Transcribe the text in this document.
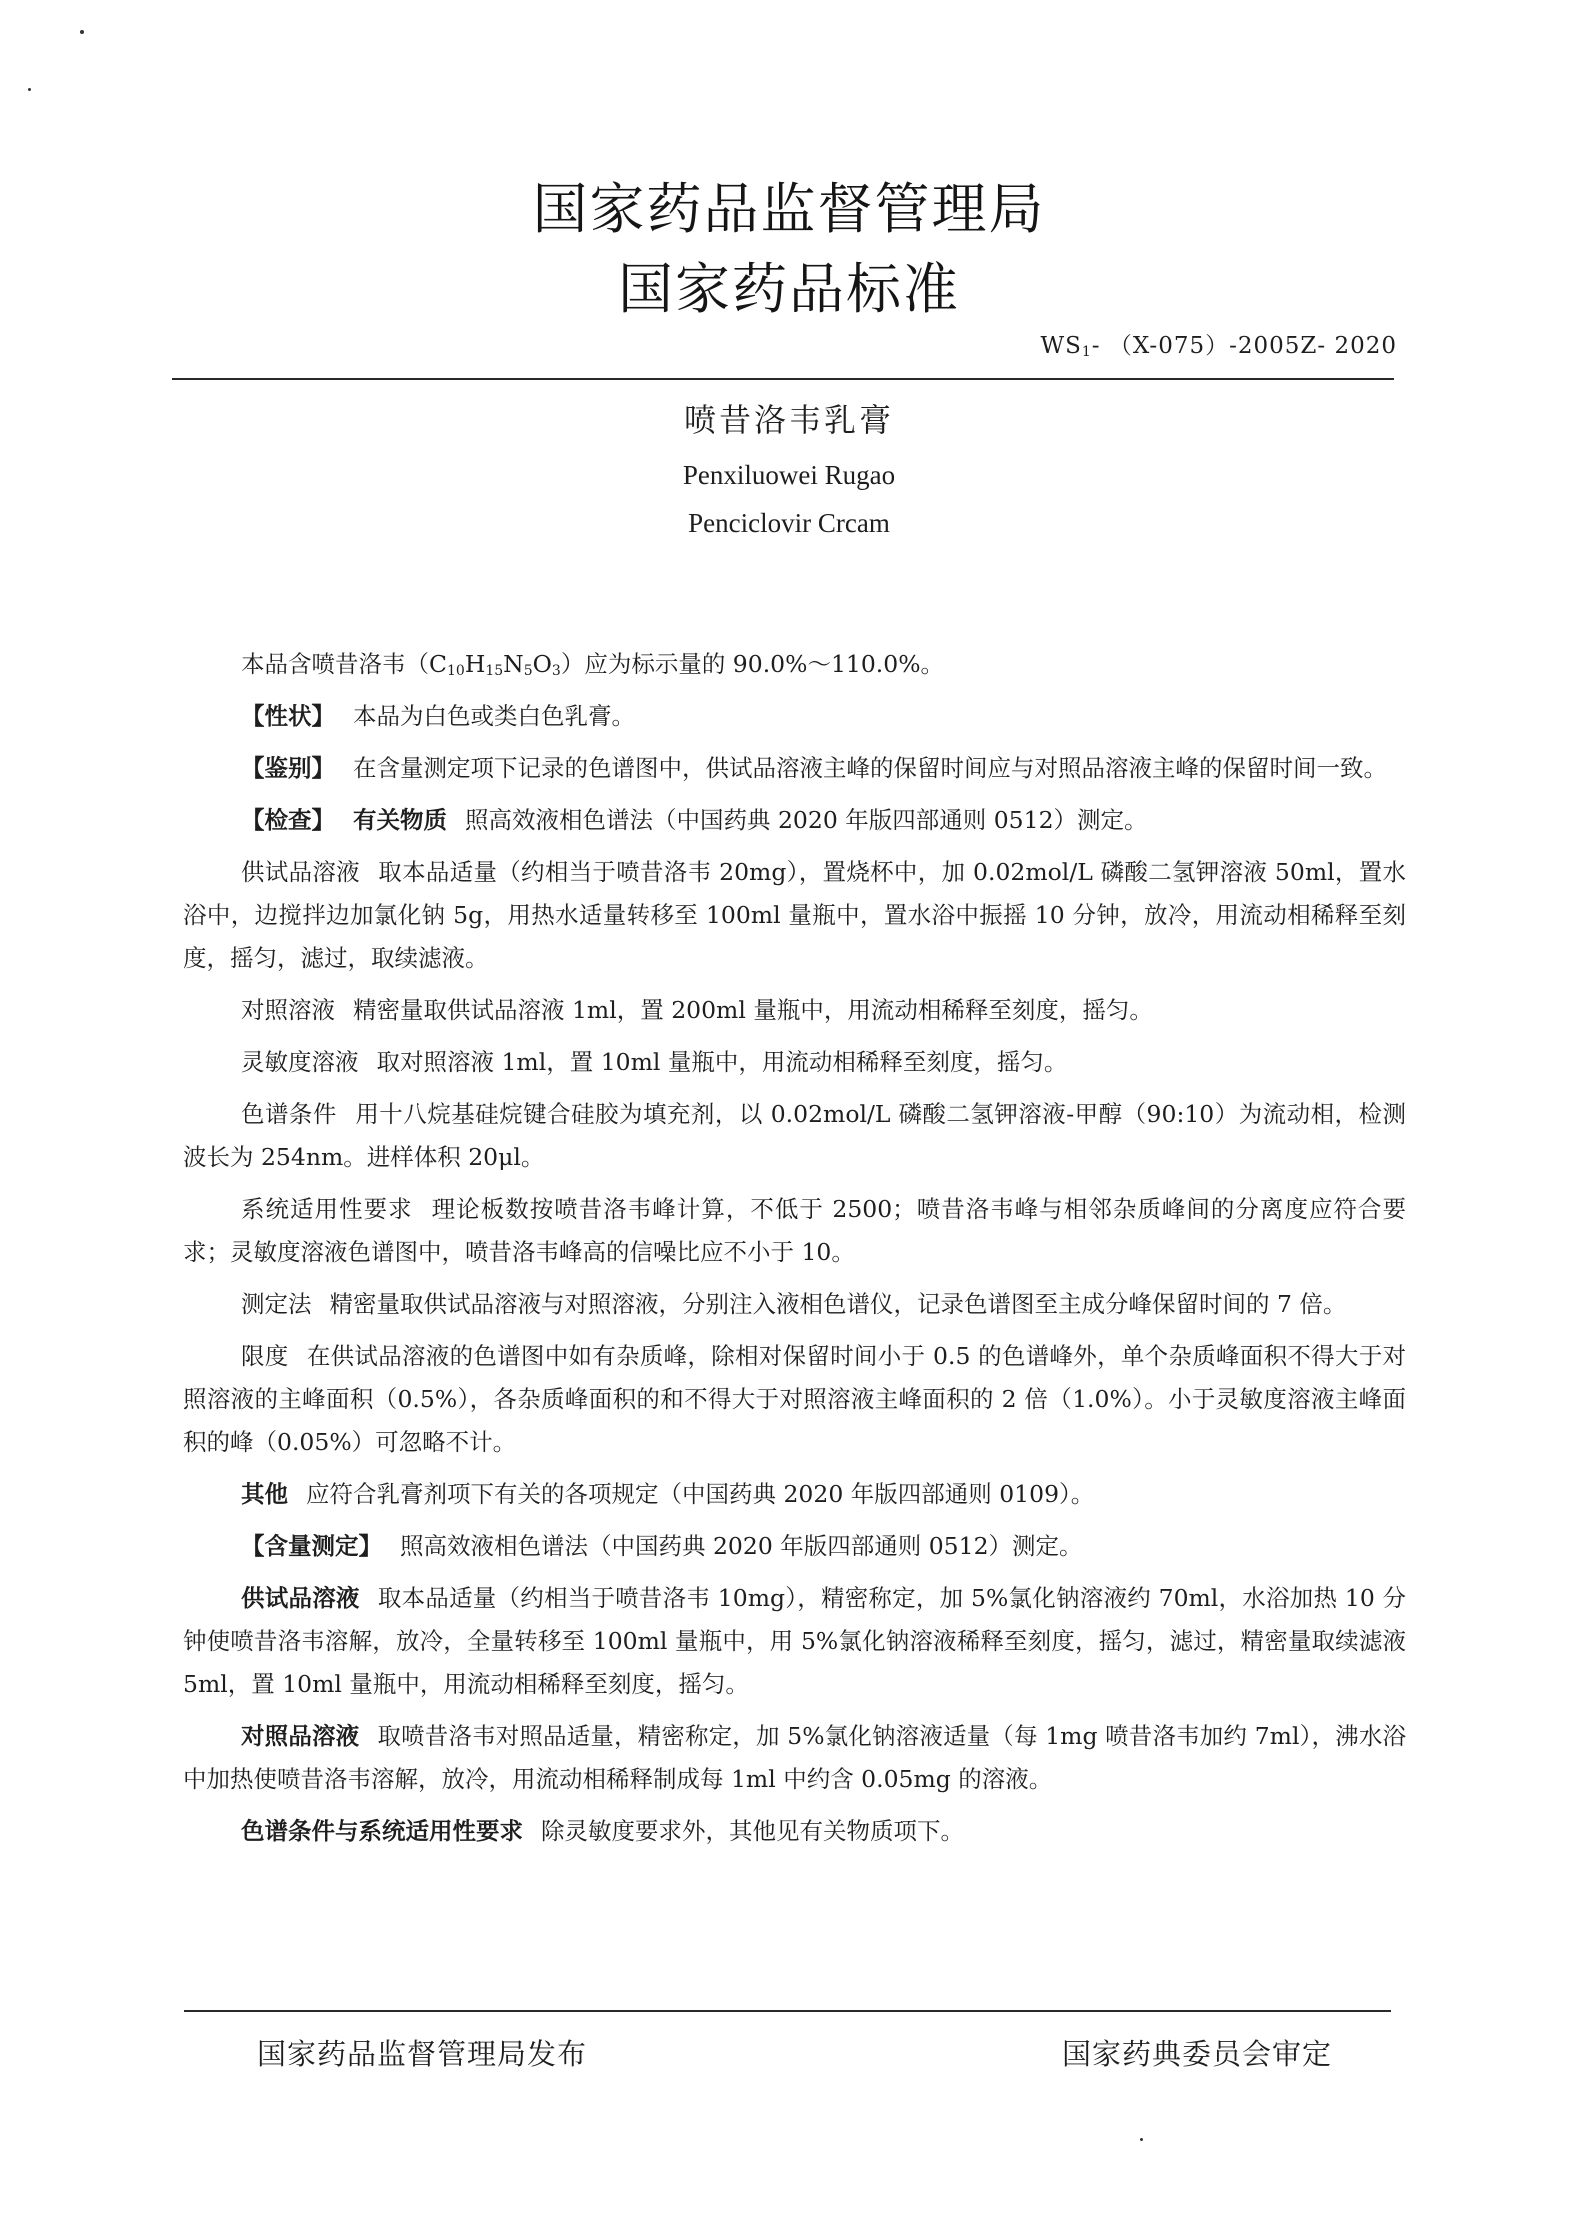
国家药品监督管理局
国家药品标准
$WS_1-$ （X-075）-2005Z- 2020
喷昔洛韦乳膏
Penxiluowei Rugao
Penciclovir Crcam

本品含喷昔洛韦$(C_{10}H_{15}N_5O_3)$应为标示量的 90.0%～110.0%。

【性状】 本品为白色或类白色乳膏。

【鉴别】 在含量测定项下记录的色谱图中，供试品溶液主峰的保留时间应与对照品溶液主峰的保留时间一致。

【检查】 有关物质 照高效液相色谱法（中国药典 2020 年版四部通则 0512）测定。

供试品溶液 取本品适量（约相当于喷昔洛韦 20mg），置烧杯中，加 0.02mol/L 磷酸二氢钾溶液 50ml，置水浴中，边搅拌边加氯化钠 5g，用热水适量转移至 100ml 量瓶中，置水浴中振摇 10 分钟，放冷，用流动相稀释至刻度，摇匀，滤过，取续滤液。

对照溶液 精密量取供试品溶液 1ml，置 200ml 量瓶中，用流动相稀释至刻度，摇匀。

灵敏度溶液 取对照溶液 1ml，置 10ml 量瓶中，用流动相稀释至刻度，摇匀。

色谱条件 用十八烷基硅烷键合硅胶为填充剂，以 0.02mol/L 磷酸二氢钾溶液-甲醇（90:10）为流动相，检测波长为 254nm。进样体积 20μl。

系统适用性要求 理论板数按喷昔洛韦峰计算，不低于 2500；喷昔洛韦峰与相邻杂质峰间的分离度应符合要求；灵敏度溶液色谱图中，喷昔洛韦峰高的信噪比应不小于 10。

测定法 精密量取供试品溶液与对照溶液，分别注入液相色谱仪，记录色谱图至主成分峰保留时间的 7 倍。

限度 在供试品溶液的色谱图中如有杂质峰，除相对保留时间小于 0.5 的色谱峰外，单个杂质峰面积不得大于对照溶液的主峰面积（0.5%），各杂质峰面积的和不得大于对照溶液主峰面积的 2 倍（1.0%）。小于灵敏度溶液主峰面积的峰（0.05%）可忽略不计。

其他 应符合乳膏剂项下有关的各项规定（中国药典 2020 年版四部通则 0109）。

【含量测定】 照高效液相色谱法（中国药典 2020 年版四部通则 0512）测定。

供试品溶液 取本品适量（约相当于喷昔洛韦 10mg），精密称定，加 5%氯化钠溶液约 70ml，水浴加热 10 分钟使喷昔洛韦溶解，放冷，全量转移至 100ml 量瓶中，用 5%氯化钠溶液稀释至刻度，摇匀，滤过，精密量取续滤液 5ml，置 10ml 量瓶中，用流动相稀释至刻度，摇匀。

对照品溶液 取喷昔洛韦对照品适量，精密称定，加 5%氯化钠溶液适量（每 1mg 喷昔洛韦加约 7ml），沸水浴中加热使喷昔洛韦溶解，放冷，用流动相稀释制成每 1ml 中约含 0.05mg 的溶液。

色谱条件与系统适用性要求 除灵敏度要求外，其他见有关物质项下。

国家药品监督管理局发布	国家药典委员会审定
